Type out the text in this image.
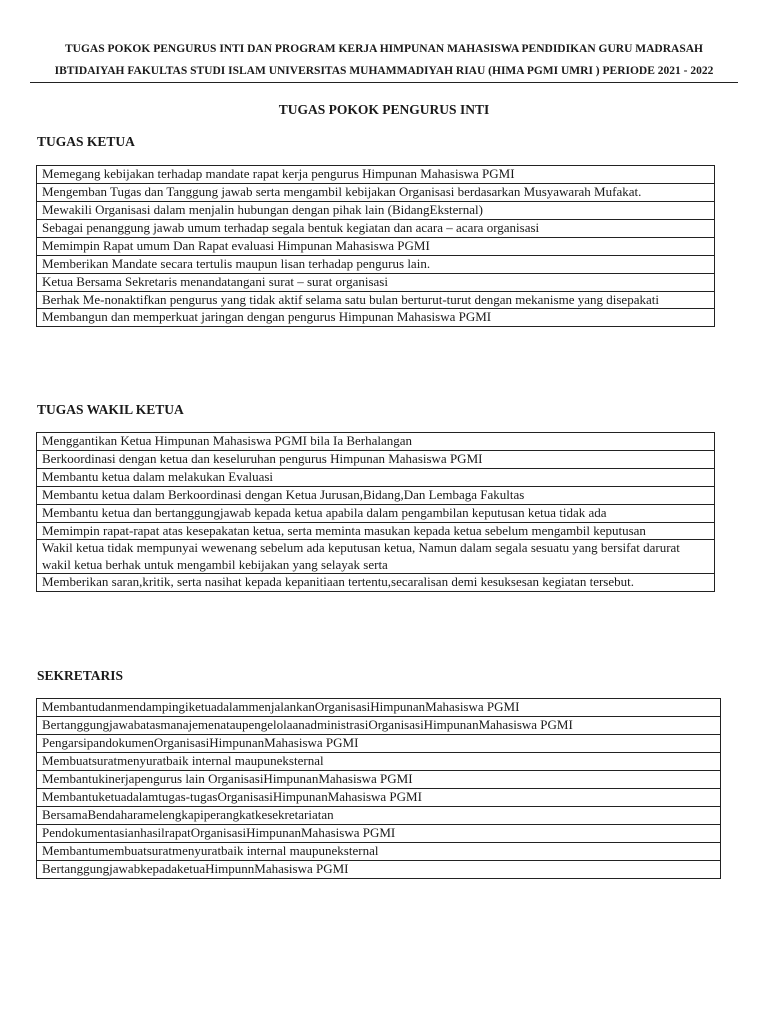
TUGAS POKOK PENGURUS INTI DAN PROGRAM KERJA HIMPUNAN MAHASISWA PENDIDIKAN GURU MADRASAH
IBTIDAIYAH FAKULTAS STUDI ISLAM UNIVERSITAS MUHAMMADIYAH RIAU (HIMA PGMI UMRI ) PERIODE 2021 - 2022
TUGAS POKOK PENGURUS INTI
TUGAS KETUA
Memegang kebijakan terhadap mandate rapat kerja pengurus Himpunan Mahasiswa PGMI
Mengemban Tugas dan Tanggung jawab serta mengambil kebijakan Organisasi berdasarkan Musyawarah Mufakat.
Mewakili Organisasi dalam menjalin hubungan dengan pihak lain (BidangEksternal)
Sebagai penanggung jawab umum terhadap segala bentuk kegiatan dan acara – acara organisasi
Memimpin Rapat umum Dan Rapat evaluasi Himpunan Mahasiswa PGMI
Memberikan Mandate secara tertulis maupun lisan terhadap pengurus lain.
Ketua Bersama Sekretaris menandatangani surat – surat organisasi
Berhak Me-nonaktifkan pengurus yang tidak aktif selama satu bulan berturut-turut dengan mekanisme yang disepakati
Membangun dan memperkuat jaringan dengan pengurus Himpunan Mahasiswa PGMI
TUGAS WAKIL KETUA
Menggantikan Ketua Himpunan Mahasiswa PGMI bila Ia Berhalangan
Berkoordinasi dengan ketua dan keseluruhan pengurus Himpunan Mahasiswa PGMI
Membantu ketua dalam melakukan Evaluasi
Membantu ketua dalam Berkoordinasi dengan Ketua Jurusan,Bidang,Dan Lembaga Fakultas
Membantu ketua dan bertanggungjawab kepada ketua apabila dalam pengambilan keputusan ketua tidak ada
Memimpin rapat-rapat atas kesepakatan ketua, serta meminta masukan kepada ketua sebelum mengambil keputusan
Wakil ketua tidak mempunyai wewenang sebelum ada keputusan ketua, Namun dalam segala sesuatu yang bersifat darurat wakil ketua berhak untuk mengambil kebijakan yang selayak serta
Memberikan saran,kritik, serta nasihat kepada kepanitiaan tertentu,secaralisan demi kesuksesan kegiatan tersebut.
SEKRETARIS
MembantudanmendampingiketuadalammenjalankanOrganisasiHimpunanMahasiswa PGMI
BertanggungjawabatasmanajemenataupengelolaanadministrasiOrganisasiHimpunanMahasiswa PGMI
PengarsipandokumenOrganisasiHimpunanMahasiswa PGMI
Membuatsuratmenyuratbaik internal maupuneksternal
Membantukinerjapengurus lain OrganisasiHimpunanMahasiswa PGMI
Membantuketuadalamtugas-tugasOrganisasiHimpunanMahasiswa PGMI
BersamaBendaharamelengkapiperangkatkesekretariatan
PendokumentasianhasilrapatOrganisasiHimpunanMahasiswa PGMI
Membantumembuatsuratmenyuratbaik internal maupuneksternal
BertanggungjawabkepadaketuaHimpunnMahasiswa PGMI
